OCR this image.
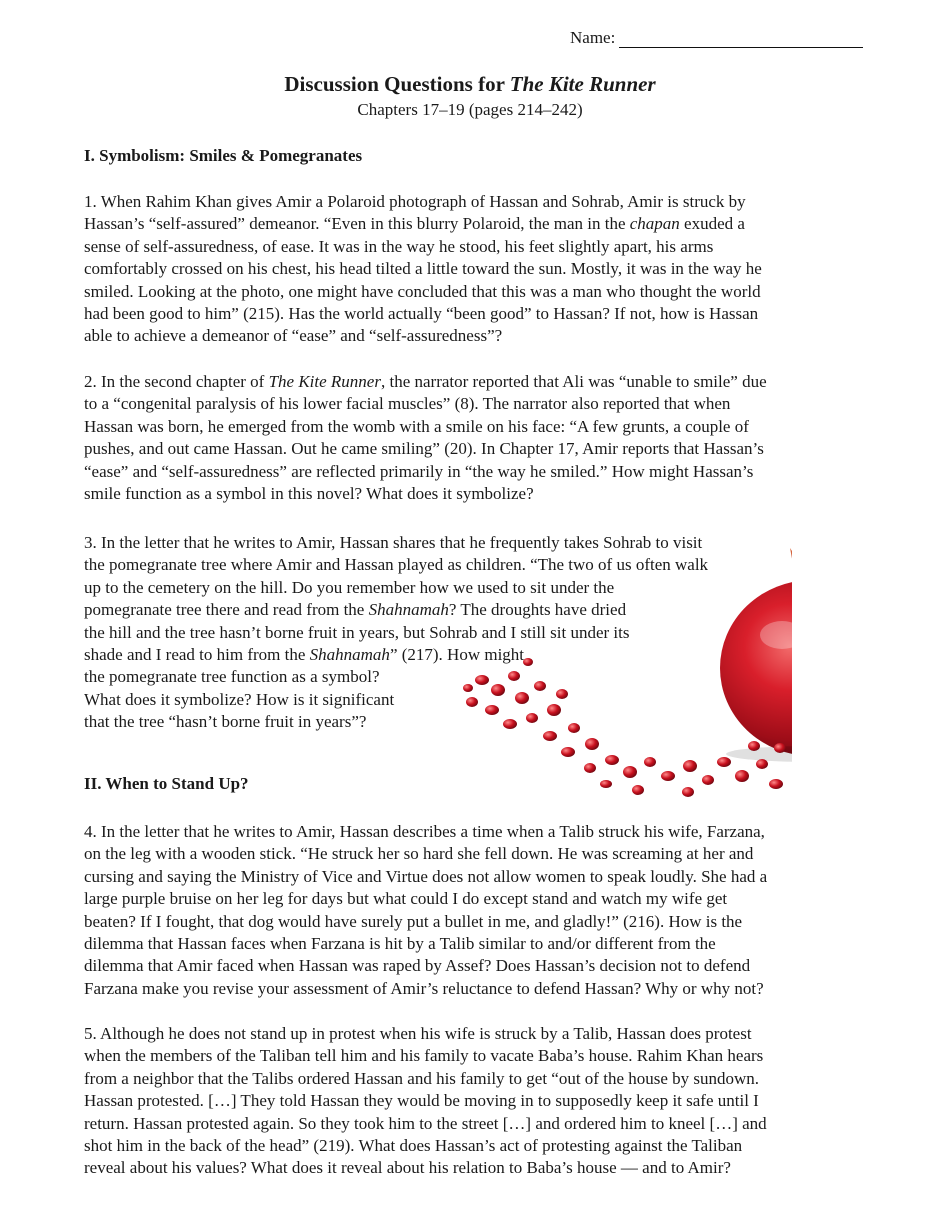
Name:
Discussion Questions for The Kite Runner
Chapters 17–19 (pages 214–242)
I. Symbolism: Smiles & Pomegranates
1. When Rahim Khan gives Amir a Polaroid photograph of Hassan and Sohrab, Amir is struck by
Hassan’s “self-assured” demeanor. “Even in this blurry Polaroid, the man in the chapan exuded a
sense of self-assuredness, of ease. It was in the way he stood, his feet slightly apart, his arms
comfortably crossed on his chest, his head tilted a little toward the sun. Mostly, it was in the way he
smiled. Looking at the photo, one might have concluded that this was a man who thought the world
had been good to him” (215). Has the world actually “been good” to Hassan? If not, how is Hassan
able to achieve a demeanor of “ease” and “self-assuredness”?
2. In the second chapter of The Kite Runner, the narrator reported that Ali was “unable to smile” due
to a “congenital paralysis of his lower facial muscles” (8). The narrator also reported that when
Hassan was born, he emerged from the womb with a smile on his face: “A few grunts, a couple of
pushes, and out came Hassan. Out he came smiling” (20). In Chapter 17, Amir reports that Hassan’s
“ease” and “self-assuredness” are reflected primarily in “the way he smiled.” How might Hassan’s
smile function as a symbol in this novel? What does it symbolize?
3. In the letter that he writes to Amir, Hassan shares that he frequently takes Sohrab to visit
the pomegranate tree where Amir and Hassan played as children. “The two of us often walk
up to the cemetery on the hill. Do you remember how we used to sit under the
pomegranate tree there and read from the Shahnamah? The droughts have dried
the hill and the tree hasn’t borne fruit in years, but Sohrab and I still sit under its
shade and I read to him from the Shahnamah” (217). How might
the pomegranate tree function as a symbol?
What does it symbolize? How is it significant
that the tree “hasn’t borne fruit in years”?
II. When to Stand Up?
4. In the letter that he writes to Amir, Hassan describes a time when a Talib struck his wife, Farzana,
on the leg with a wooden stick. “He struck her so hard she fell down. He was screaming at her and
cursing and saying the Ministry of Vice and Virtue does not allow women to speak loudly. She had a
large purple bruise on her leg for days but what could I do except stand and watch my wife get
beaten? If I fought, that dog would have surely put a bullet in me, and gladly!” (216). How is the
dilemma that Hassan faces when Farzana is hit by a Talib similar to and/or different from the
dilemma that Amir faced when Hassan was raped by Assef? Does Hassan’s decision not to defend
Farzana make you revise your assessment of Amir’s reluctance to defend Hassan? Why or why not?
5. Although he does not stand up in protest when his wife is struck by a Talib, Hassan does protest
when the members of the Taliban tell him and his family to vacate Baba’s house. Rahim Khan hears
from a neighbor that the Talibs ordered Hassan and his family to get “out of the house by sundown.
Hassan protested. […] They told Hassan they would be moving in to supposedly keep it safe until I
return. Hassan protested again. So they took him to the street […] and ordered him to kneel […] and
shot him in the back of the head” (219). What does Hassan’s act of protesting against the Taliban
reveal about his values? What does it reveal about his relation to Baba’s house — and to Amir?
